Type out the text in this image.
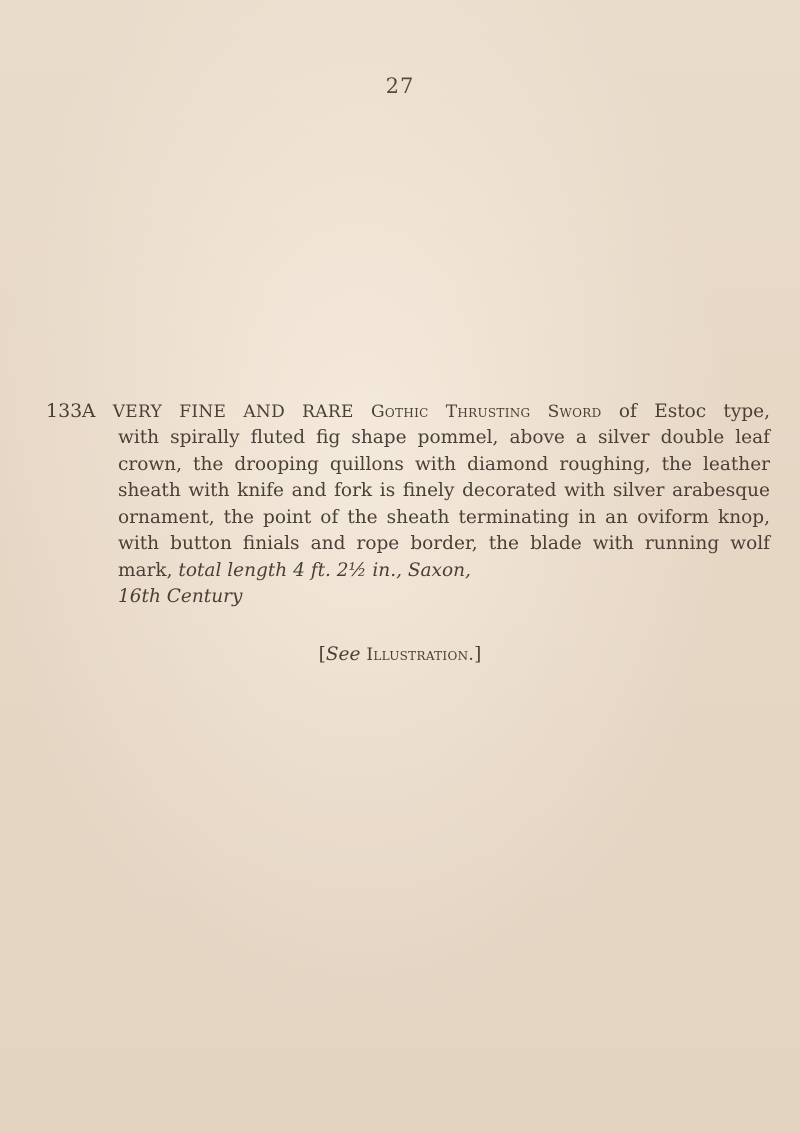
27
133 A VERY FINE AND RARE Gothic Thrusting Sword of Estoc type,
with spirally fluted fig shape pommel, above a silver double leaf crown, the drooping quillons with diamond roughing, the leather sheath with knife and fork is finely decorated with silver arabesque ornament, the point of the sheath terminating in an oviform knop, with button finials and rope border, the blade with running wolf mark, total length 4 ft. 2½ in., Saxon,
16th Century
[See Illustration.]
